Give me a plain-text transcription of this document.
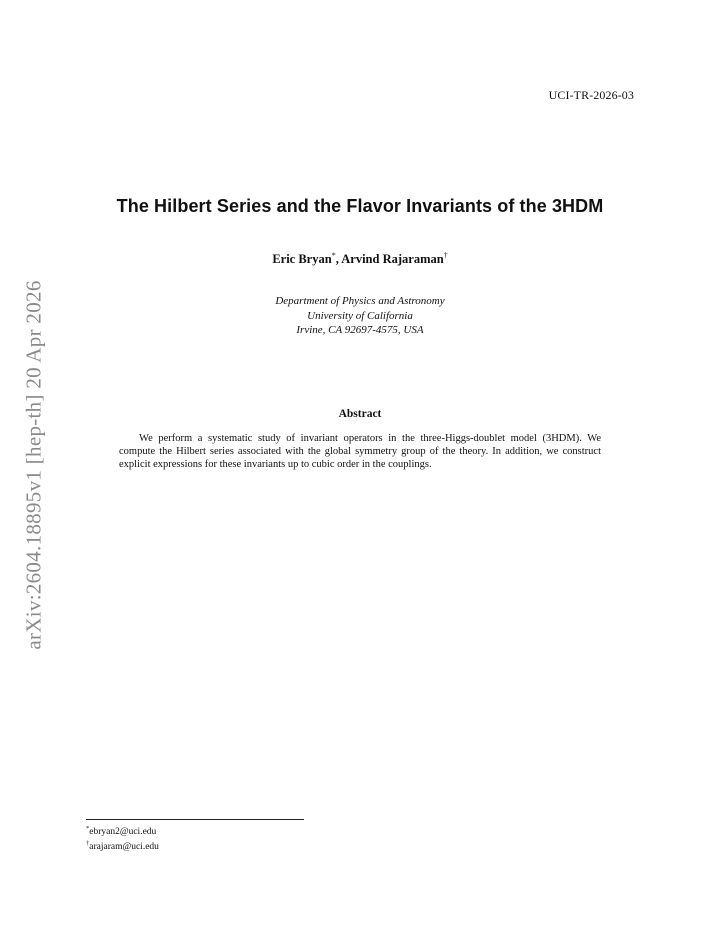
UCI-TR-2026-03
arXiv:2604.18895v1 [hep-th] 20 Apr 2026
The Hilbert Series and the Flavor Invariants of the 3HDM
Eric Bryan*, Arvind Rajaraman†
Department of Physics and Astronomy
University of California
Irvine, CA 92697-4575, USA
Abstract
We perform a systematic study of invariant operators in the three-Higgs-doublet model (3HDM). We compute the Hilbert series associated with the global symmetry group of the theory. In addition, we construct explicit expressions for these invariants up to cubic order in the couplings.
*ebryan2@uci.edu
†arajaram@uci.edu
